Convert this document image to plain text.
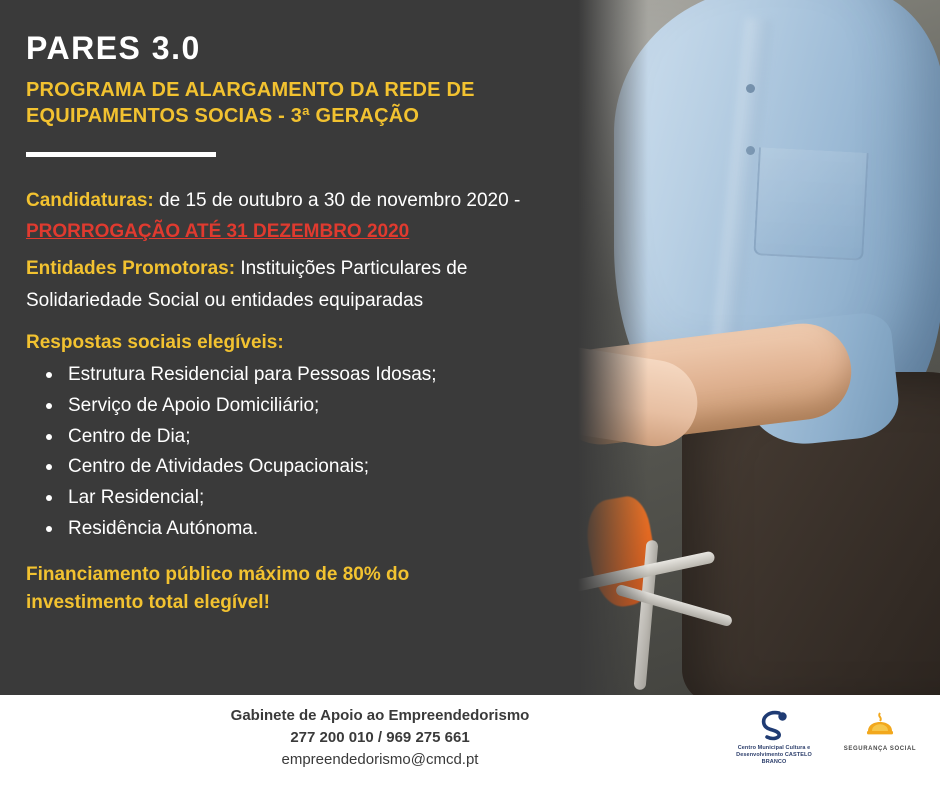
PARES 3.0
PROGRAMA DE ALARGAMENTO DA REDE DE EQUIPAMENTOS SOCIAS - 3ª GERAÇÃO
Candidaturas: de 15 de outubro a 30 de novembro 2020 - PRORROGAÇÃO ATÉ 31 DEZEMBRO 2020
Entidades Promotoras: Instituições Particulares de Solidariedade Social ou entidades equiparadas
Respostas sociais elegíveis:
Estrutura Residencial para Pessoas Idosas;
Serviço de Apoio Domiciliário;
Centro de Dia;
Centro de Atividades Ocupacionais;
Lar Residencial;
Residência Autónoma.
Financiamento público máximo de 80% do investimento total elegível!
Gabinete de Apoio ao Empreendedorismo
277 200 010 / 969 275 661
empreendedorismo@cmcd.pt
Centro Municipal Cultura e Desenvolvimento CASTELO BRANCO
SEGURANÇA SOCIAL
